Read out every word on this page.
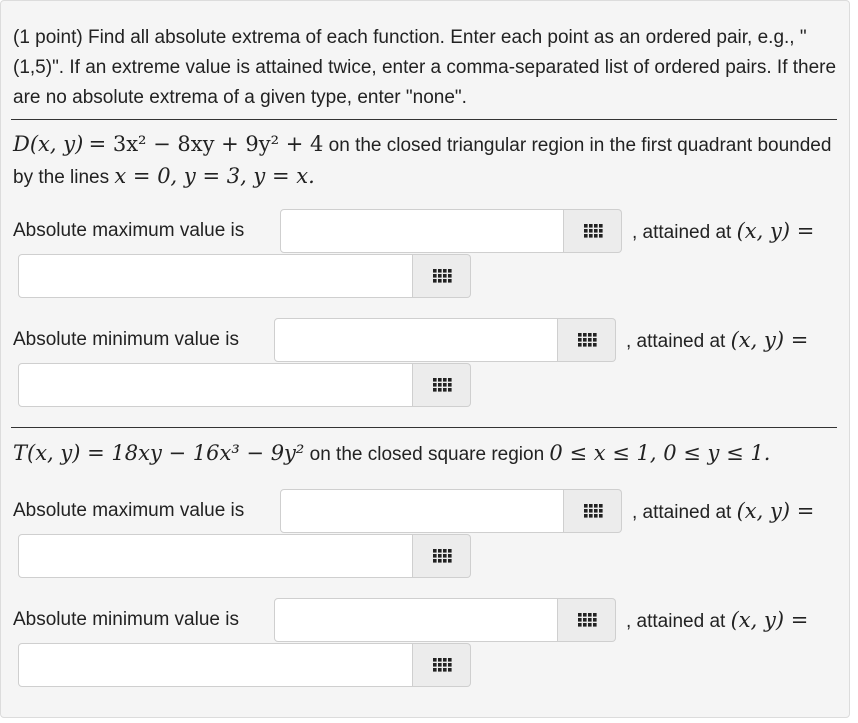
(1 point) Find all absolute extrema of each function. Enter each point as an ordered pair, e.g., "(1,5)". If an extreme value is attained twice, enter a comma-separated list of ordered pairs. If there are no absolute extrema of a given type, enter "none".
D(x, y) = 3x² − 8xy + 9y² + 4 on the closed triangular region in the first quadrant bounded by the lines x = 0, y = 3, y = x.
Absolute maximum value is	, attained at (x, y) =
Absolute minimum value is	, attained at (x, y) =
T(x, y) = 18xy − 16x³ − 9y² on the closed square region 0 ≤ x ≤ 1, 0 ≤ y ≤ 1.
Absolute maximum value is	, attained at (x, y) =
Absolute minimum value is	, attained at (x, y) =
